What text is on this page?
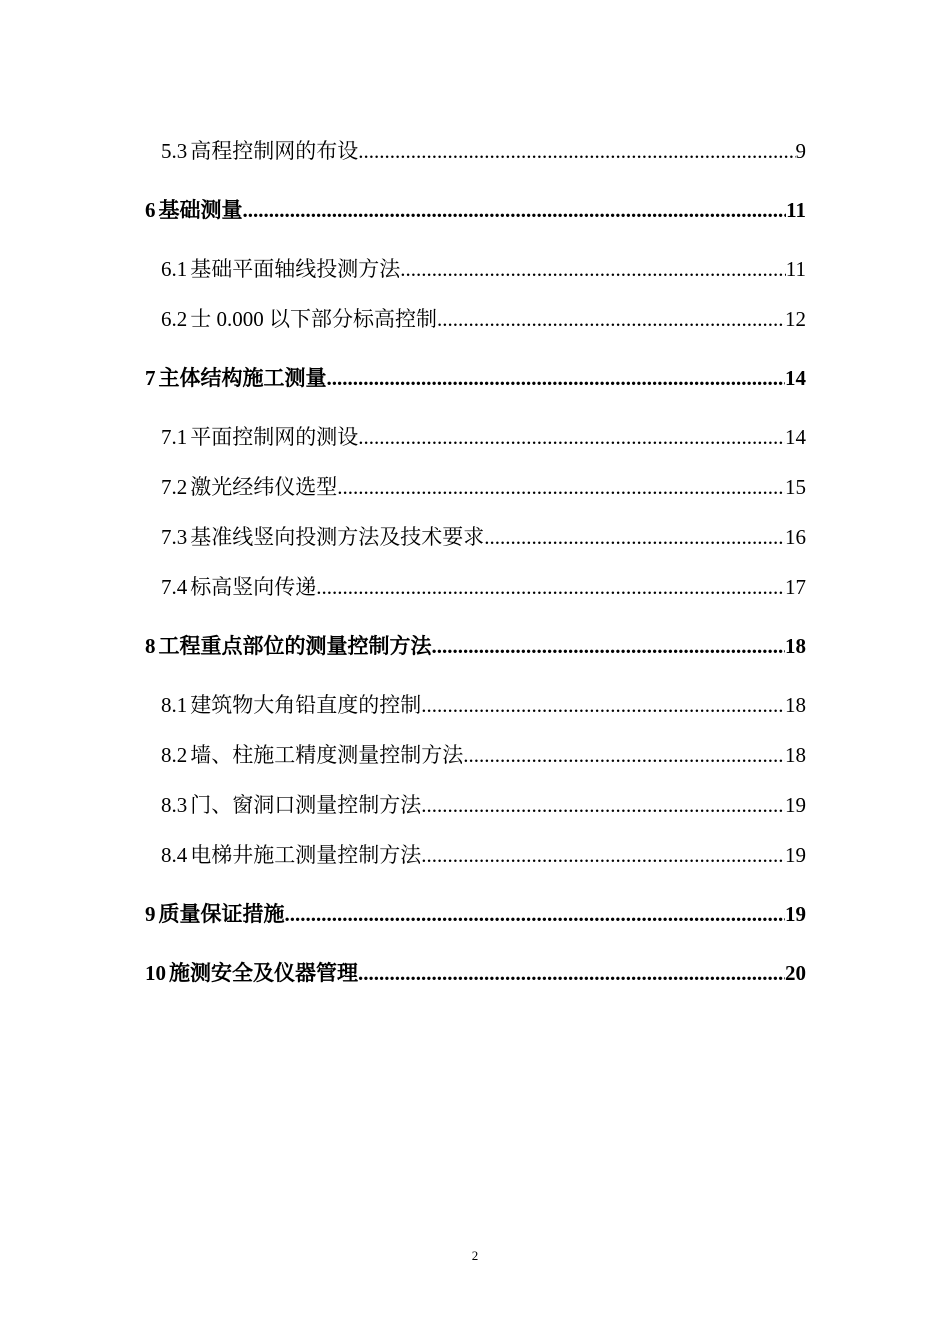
5.3 高程控制网的布设 .....	9
6 基础测量 .....	11
6.1 基础平面轴线投测方法 .....	11
6.2 士 0.000 以下部分标高控制 .....	12
7 主体结构施工测量 .....	14
7.1 平面控制网的测设 .....	14
7.2 激光经纬仪选型 .....	15
7.3 基准线竖向投测方法及技术要求 .....	16
7.4 标高竖向传递 .....	17
8 工程重点部位的测量控制方法 .....	18
8.1 建筑物大角铅直度的控制 .....	18
8.2 墙、柱施工精度测量控制方法 .....	18
8.3 门、窗洞口测量控制方法 .....	19
8.4 电梯井施工测量控制方法 .....	19
9 质量保证措施 .....	19
10 施测安全及仪器管理 .....	20
2
